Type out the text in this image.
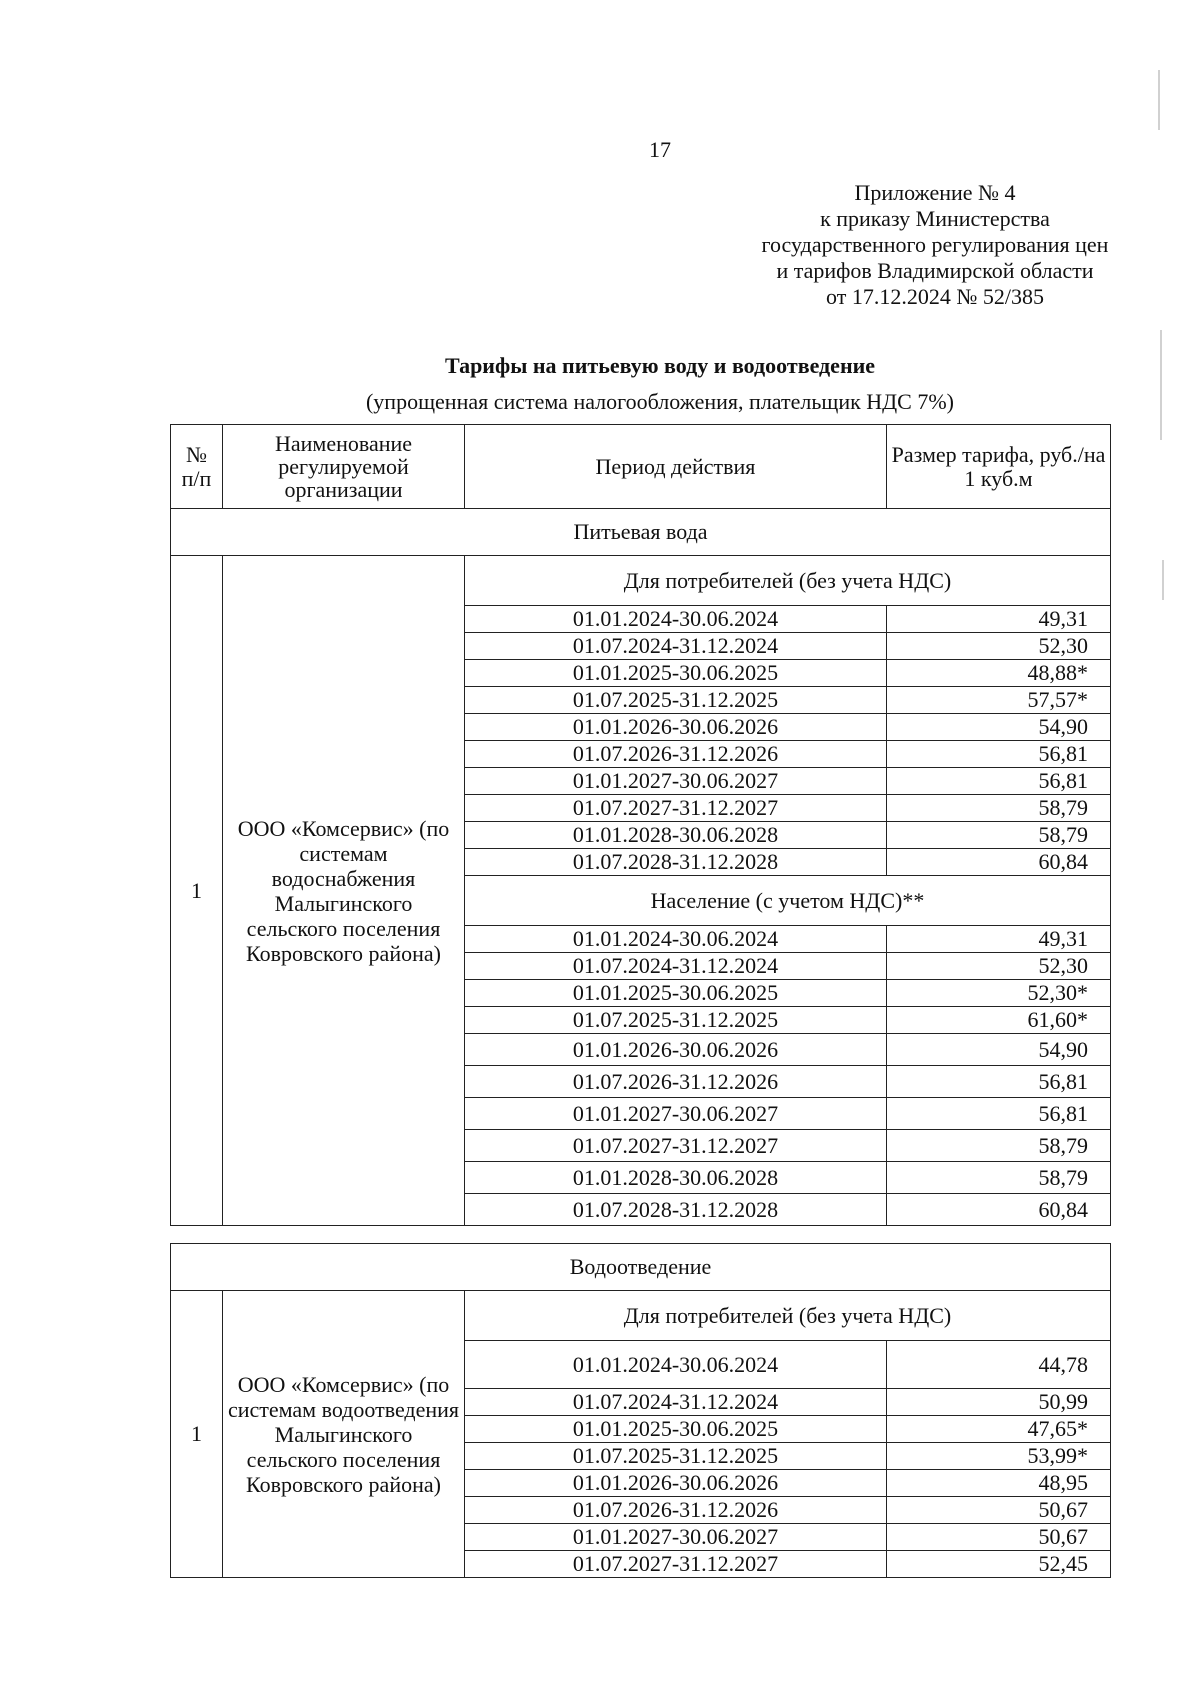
17
Приложение № 4
к приказу Министерства
государственного регулирования цен
и тарифов Владимирской области
от 17.12.2024 № 52/385
Тарифы на питьевую воду и водоотведение
(упрощенная система налогообложения, плательщик НДС 7%)
№ п/п	Наименование регулируемой организации	Период действия	Размер тарифа, руб./на 1 куб.м
Питьевая вода			
1	ООО «Комсервис» (по системам водоснабжения Малыгинского сельского поселения Ковровского района)	Для потребителей (без учета НДС)	
		01.01.2024-30.06.2024	49,31
		01.07.2024-31.12.2024	52,30
		01.01.2025-30.06.2025	48,88*
		01.07.2025-31.12.2025	57,57*
		01.01.2026-30.06.2026	54,90
		01.07.2026-31.12.2026	56,81
		01.01.2027-30.06.2027	56,81
		01.07.2027-31.12.2027	58,79
		01.01.2028-30.06.2028	58,79
		01.07.2028-31.12.2028	60,84
		Население (с учетом НДС)**	
		01.01.2024-30.06.2024	49,31
		01.07.2024-31.12.2024	52,30
		01.01.2025-30.06.2025	52,30*
		01.07.2025-31.12.2025	61,60*
		01.01.2026-30.06.2026	54,90
		01.07.2026-31.12.2026	56,81
		01.01.2027-30.06.2027	56,81
		01.07.2027-31.12.2027	58,79
		01.01.2028-30.06.2028	58,79
		01.07.2028-31.12.2028	60,84
Водоотведение			
1	ООО «Комсервис» (по системам водоотведения Малыгинского сельского поселения Ковровского района)	Для потребителей (без учета НДС)	
		01.01.2024-30.06.2024	44,78
		01.07.2024-31.12.2024	50,99
		01.01.2025-30.06.2025	47,65*
		01.07.2025-31.12.2025	53,99*
		01.01.2026-30.06.2026	48,95
		01.07.2026-31.12.2026	50,67
		01.01.2027-30.06.2027	50,67
		01.07.2027-31.12.2027	52,45
